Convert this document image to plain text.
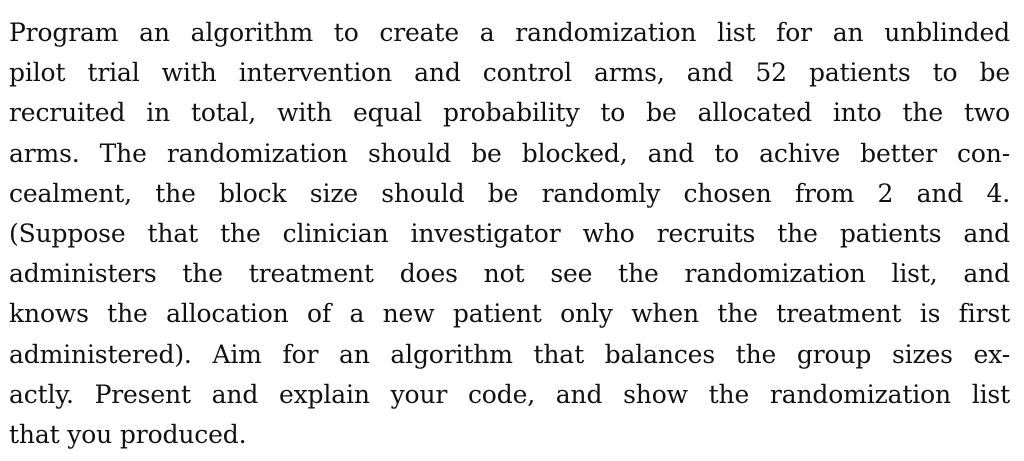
Program an algorithm to create a randomization list for an unblinded
pilot trial with intervention and control arms, and 52 patients to be
recruited in total, with equal probability to be allocated into the two
arms. The randomization should be blocked, and to achive better con-
cealment, the block size should be randomly chosen from 2 and 4.
(Suppose that the clinician investigator who recruits the patients and
administers the treatment does not see the randomization list, and
knows the allocation of a new patient only when the treatment is first
administered). Aim for an algorithm that balances the group sizes ex-
actly. Present and explain your code, and show the randomization list
that you produced.
